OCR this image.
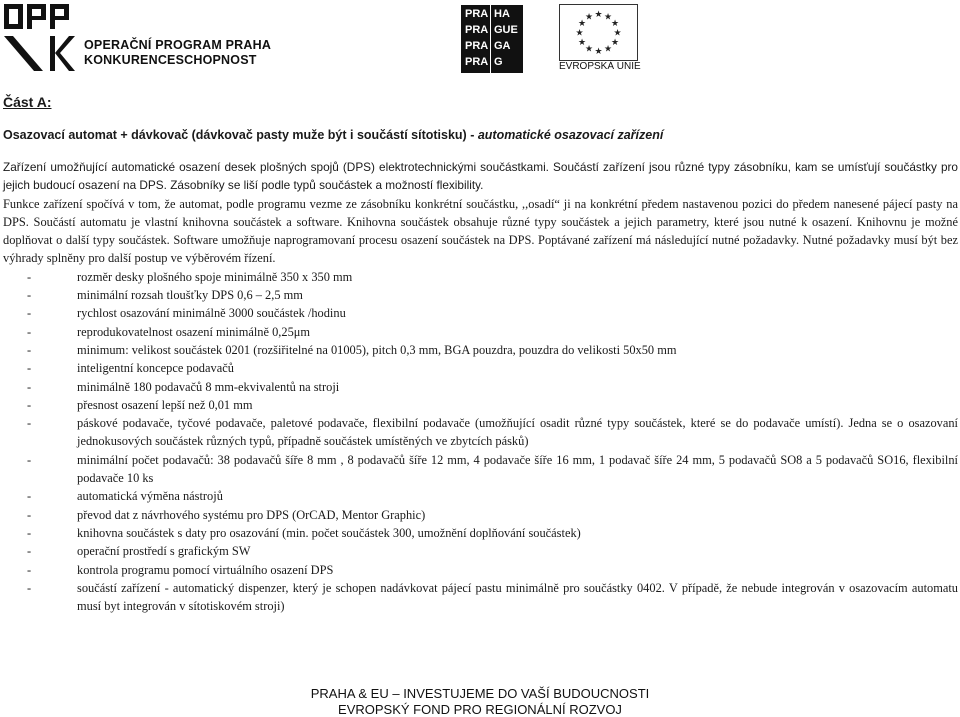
OPERAČNÍ PROGRAM PRAHA
KONKURENCESCHOPNOST
PRA HA
PRA GUE
PRA GA
PRA G
★ ★
★
★
★
★
★
★
★
★
★
★
EVROPSKÁ UNIE
Část A:
Osazovací automat + dávkovač (dávkovač pasty muže být i součástí sítotisku) - automatické osazovací zařízení

Zařízení umožňující automatické osazení desek plošných spojů (DPS) elektrotechnickými součástkami. Součástí zařízení jsou různé typy zásobníku, kam se umísťují součástky pro jejich budoucí osazení na DPS. Zásobníky se liší podle typů součástek a možností flexibility.

Funkce zařízení spočívá v tom, že automat, podle programu vezme ze zásobníku konkrétní součástku, ,,osadí“ ji na konkrétní předem nastavenou pozici do předem nanesené pájecí pasty na DPS. Součástí automatu je vlastní knihovna součástek a software. Knihovna součástek obsahuje různé typy součástek a jejich parametry, které jsou nutné k osazení. Knihovnu je možné doplňovat o další typy součástek. Software umožňuje naprogramovaní procesu osazení součástek na DPS. Poptávané zařízení má následující nutné požadavky. Nutné požadavky musí být bez výhrady splněny pro další postup ve výběrovém řízení.

- rozměr desky plošného spoje minimálně 350 x 350 mm
- minimální rozsah tloušťky DPS 0,6 – 2,5 mm
- rychlost osazování minimálně 3000 součástek /hodinu
- reprodukovatelnost osazení minimálně 0,25μm
- minimum: velikost součástek 0201 (rozšiřitelné na 01005), pitch 0,3 mm, BGA pouzdra, pouzdra do velikosti 50x50 mm
- inteligentní koncepce podavačů
- minimálně 180 podavačů 8 mm-ekvivalentů na stroji
- přesnost osazení lepší než 0,01 mm
- páskové podavače, tyčové podavače, paletové podavače, flexibilní podavače (umožňující osadit různé typy součástek, které se do podavače umístí). Jedna se o osazovaní jednokusových součástek různých typů, případně součástek umístěných ve zbytcích pásků)
- minimální počet podavačů: 38 podavačů šíře 8 mm , 8 podavačů šíře 12 mm, 4 podavače šíře 16 mm, 1 podavač šíře 24 mm, 5 podavačů SO8 a 5 podavačů SO16, flexibilní podavače 10 ks
- automatická výměna nástrojů
- převod dat z návrhového systému pro DPS (OrCAD, Mentor Graphic)
- knihovna součástek s daty pro osazování (min. počet součástek 300, umožnění doplňování součástek)
- operační prostředí s grafickým SW
- kontrola programu pomocí virtuálního osazení DPS
- součástí zařízení - automatický dispenzer, který je schopen nadávkovat pájecí pastu minimálně pro součástky 0402. V případě, že nebude integrován v osazovacím automatu musí byt integrován v sítotiskovém stroji)
PRAHA & EU – INVESTUJEME DO VAŠÍ BUDOUCNOSTI
EVROPSKÝ FOND PRO REGIONÁLNÍ ROZVOJ
